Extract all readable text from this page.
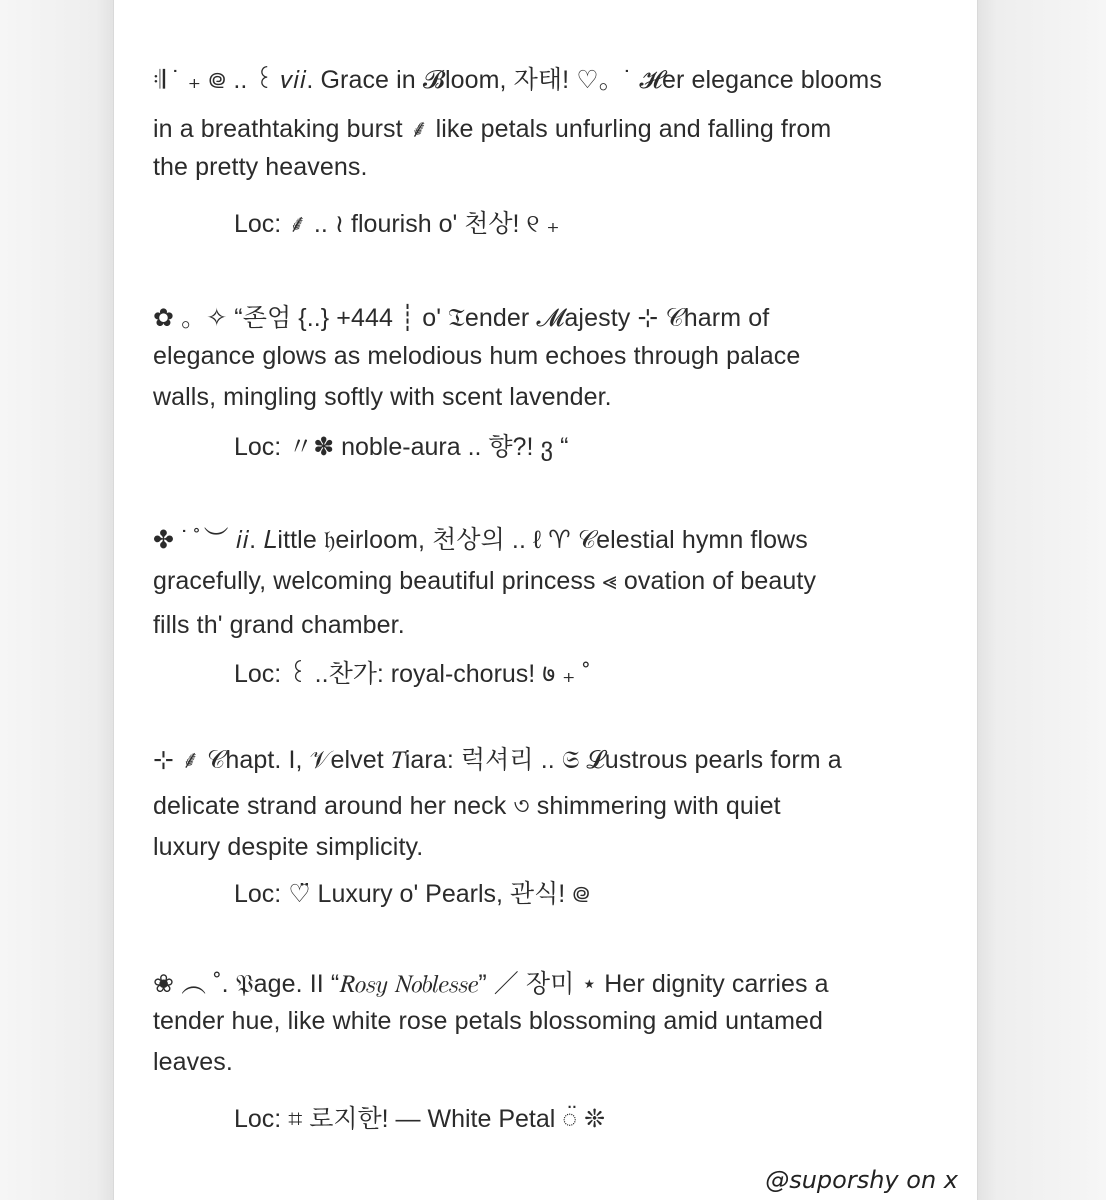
𝄇 ˙ ₊ ᪤ .. ꒰ 𝑣𝑖𝑖. Grace in 𝓑loom, 자태! ♡。˙ 𝓗er elegance blooms
in a breathtaking burst ⸙ like petals unfurling and falling from
the pretty heavens.
Loc: ⸙ .. ≀ flourish o' 천상! ୧ ₊
✿ 。✧ “존엄 {..} +444 ┊ o' 𝔗ender 𝓜ajesty ⊹ 𝒞harm of
elegance glows as melodious hum echoes through palace
walls, mingling softly with scent lavender.
Loc: 〃✽ noble-aura .. 향?! ვ “
✤ ˙ ̊ ︶ 𝑖𝑖. 𝐿ittle 𝔥eirloom, 천상의 .. ℓ ♈ 𝒞elestial hymn flows
gracefully, welcoming beautiful princess ⪡ ovation of beauty
fills th' grand chamber.
Loc: ꒰ ..찬가: royal-chorus! ७ ₊ ˚
⊹ ⸙ 𝒞hapt. I, 𝒱elvet 𝑇iara: 럭셔리 .. 𝔖 𝓛ustrous pearls form a
delicate strand around her neck ৩ shimmering with quiet
luxury despite simplicity.
Loc: ♡̈ Luxury o' Pearls, 관식! ᪤
❀ ︵ ˚. 𝔓age. II “𝑅𝑜𝑠𝑦 𝑁𝑜𝑏𝑙𝑒𝑠𝑠𝑒” ／ 장미 ⋆ Her dignity carries a
tender hue, like white rose petals blossoming amid untamed
leaves.
Loc: ⌗ 로지한! — White Petal ◌̈ ❊
@suporshy on x
